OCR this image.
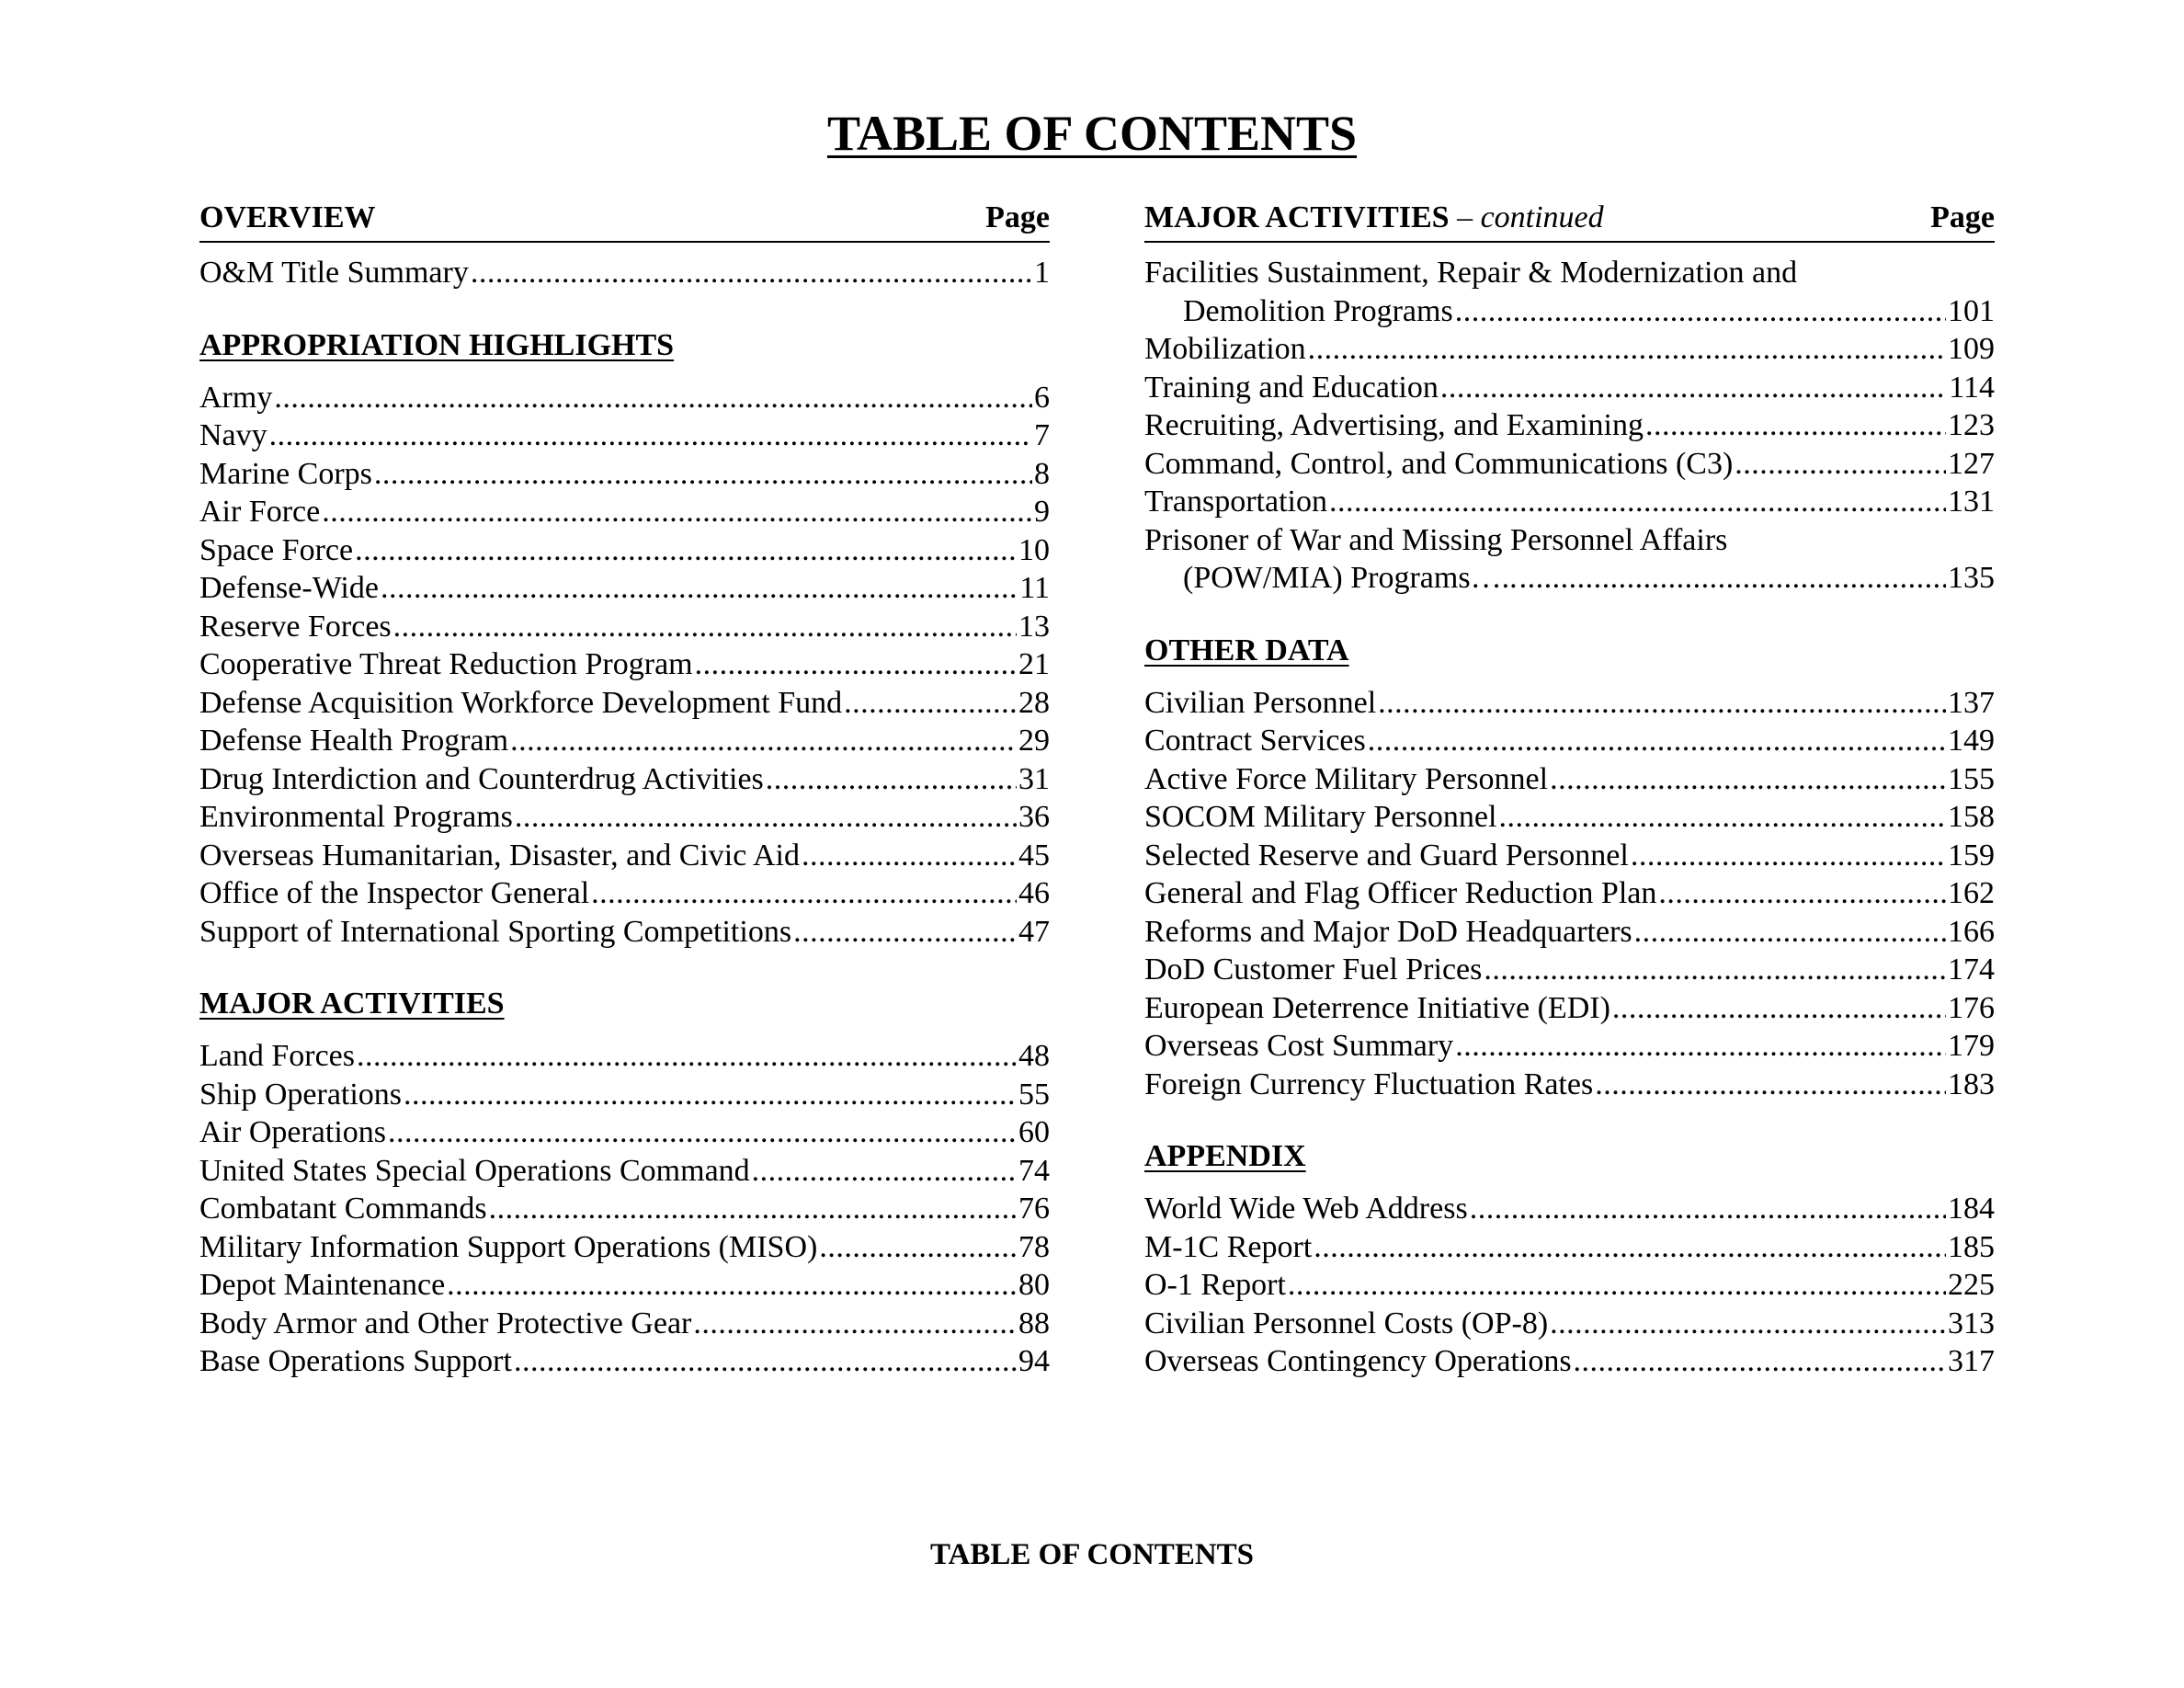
TABLE OF CONTENTS
OVERVIEW	Page
O&M Title Summary .....	1
APPROPRIATION HIGHLIGHTS
Army .....	6
Navy .....	7
Marine Corps .....	8
Air Force .....	9
Space Force .....	10
Defense-Wide .....	11
Reserve Forces .....	13
Cooperative Threat Reduction Program .....	21
Defense Acquisition Workforce Development Fund .....	28
Defense Health Program .....	29
Drug Interdiction and Counterdrug Activities .....	31
Environmental Programs .....	36
Overseas Humanitarian, Disaster, and Civic Aid .....	45
Office of the Inspector General .....	46
Support of International Sporting Competitions .....	47
MAJOR ACTIVITIES
Land Forces .....	48
Ship Operations .....	55
Air Operations .....	60
United States Special Operations Command .....	74
Combatant Commands .....	76
Military Information Support Operations (MISO) .....	78
Depot Maintenance .....	80
Body Armor and Other Protective Gear .....	88
Base Operations Support .....	94
MAJOR ACTIVITIES – continued	Page
Facilities Sustainment, Repair & Modernization and
Demolition Programs .....	101
Mobilization .....	109
Training and Education .....	114
Recruiting, Advertising, and Examining .....	123
Command, Control, and Communications (C3) .....	127
Transportation .....	131
Prisoner of War and Missing Personnel Affairs
(POW/MIA) Programs….. .....	135
OTHER DATA
Civilian Personnel .....	137
Contract Services .....	149
Active Force Military Personnel .....	155
SOCOM Military Personnel .....	158
Selected Reserve and Guard Personnel .....	159
General and Flag Officer Reduction Plan .....	162
Reforms and Major DoD Headquarters .....	166
DoD Customer Fuel Prices .....	174
European Deterrence Initiative (EDI) .....	176
Overseas Cost Summary .....	179
Foreign Currency Fluctuation Rates .....	183
APPENDIX
World Wide Web Address .....	184
M-1C Report .....	185
O-1 Report .....	225
Civilian Personnel Costs (OP-8) .....	313
Overseas Contingency Operations .....	317
TABLE OF CONTENTS
